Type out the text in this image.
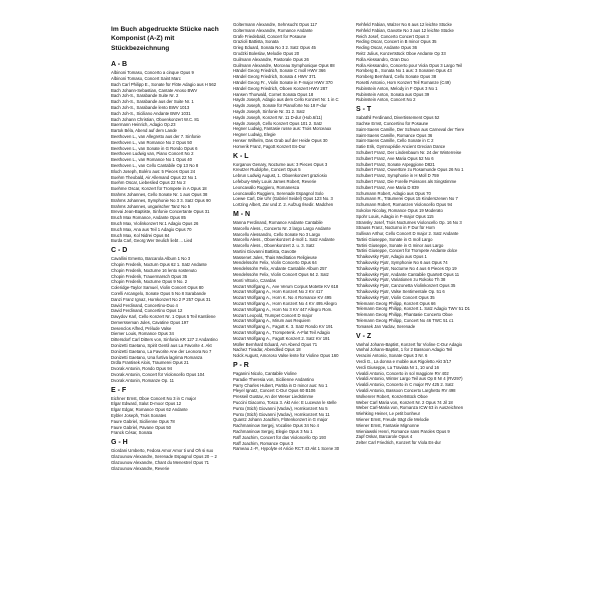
Im Buch abgedruckte Stücke nach
Komponist (A-Z) mit
Stückbezeichnung
A - B
Albinoni Tomaso, Concerto a cinque Opus 9
Albinoni Tomaso, Concert Saint Marc
Bach Carl Philipp E., Sonate für Flöte Adagio aus H 562
Bach Johann-Sebastian, Cantate Anoso BWV
Bach Joh-S., Sarabande Suite Nr. 2
Bach Joh-S., Sarabande aus der Suite Nr. 1
Bach Joh-S., Sarabande lento BWV 1013
Bach Joh-S., Siciliano Andante BWV 1031
Bach Johann Christian, Oboenkonzert W.C. 81
Baermann Heinrich, Adagio Op.23
Bartok Béla, Abend auf dem Lande
Beethoven L., van Allegretto aus der 7. Sinfonie
Beethoven L., van Romance No 2 Opus 50
Beethoven L., van Sonate in G Rondo Opus 6
Beethoven Ludwig van, Piano Concert No 2
Beethoven L., van Romance No 1 Opus 40
Beethoven L., van Cello Cantabile Op 13 No 8
Bloch Joseph, Boléro aus: 5 Pieces Opus 24
Boehm Theobald, Air Allemand Opus 22 No 1
Boehm Oscar, Liebeslied Opus 22 No 2
Boehme Oscar, Konzert für Trompete in A Opus 18
Brahms Johannes, Cello Sonate Nr. 1 aus Opus 38
Brahms Johannes, Symphonie No 3 3. Satz Opus 90
Brahms Johannes, ungarischer Tanz No 5
Brevai Jean-Baptiste, Sinfonie Concertante Opus 31
Bruch Max Romance, Andante Opus 85
Bruch Max, Violinkonzert Nr.1 Adagio Opus 26
Bruch Max, Ana aus Teil 1 Adagio Opus 70
Bruch Max, Kol Nidrei Opus 84
Burda Carl, Georg Wer treulich liebt ... Lied
C - D
Cavallini Ernesto, Barcarola Album 1 No 3
Chopin Frederik, Nocturn Opus 62 1. Satz Andante
Chopin Frederik, Nocturne 16 lento sostenuto
Chopin Frederik, Trauermarsch Opus 35
Chopin Frederik, Nocturne Opus 9 No. 2
Coleridge-Taylor Samuel, Violin Concert Opus 80
Corelli Arcangelo, Sonate Opus 5 No 8 Sarabande
Danzi Franz Ignaz, Hornkonzert No 2 P 257 Opus 31
David Ferdinand, Concertino-Duo 4
David Ferdinand, Concertino Opus 12
Davydov Karl, Cello Konzert Nr. 1 Opus 5 Teil Kantilene
Demersseman Jules, Cavatine Opus 197
Desenclos Alfred, Prélude Valse
Diemer Louis, Romance Opus 34
Dittersdorf Carl Ditters von, Sinfonia KR 127 2 Andantino
Donizetti Gaetano, Spirit Gentil aus La Favorite 4. Akt
Donizetti Gaetano, La Favorite Ane der Leonora No 7
Donizetti Gaetano, Una furtiva lagrima Romanza
Drdla Frantisek Alois, Traumerei Opus 21
Dvorak Antonin, Rondo Opus 94
Dvorak Antonin, Concert für Violoncello Opus 104
Dvorak Antonin, Romanze Op. 11
E - F
Eichner Ernst, Oboe Concert No 3 in C major
Elgar Edward, Salut D-moor Opus 12
Elgar Edgar, Romance Opus 62 Andante
Eybler Joseph, Trois Sonates
Faure Gabriel, Sicilienne Opus 78
Faure Gabriel, Pavane Opus 50
Franck César, Sonata
G - H
Giordani Umberto, Fedora Amor Amor ti und Oh si suo
Glazounow Alexandre, Serenade Espagnol Opus 20 -- 2
Glazounow Alexandre, Chant du Menestrel Opus 71
Glazounow Alexandre, Reverie
Goltermann Alexandre, Sehnsucht Opus 117
Goltermann Alexandre, Romance Andante
Grafe Friedebald, Concert for Posaune
Grazioli Battista, Sonata
Grieg Eduard, Sonata No 3 2. Satz Opus 45
Grodzki Boleslav, Melodie Opus 20
Guilmann Alexandre, Pastorale Opus 26
Guilmann Alexandre, Morceau Symphonique Opus 88
Händel Georg Friedrich, Sonate C moll HWV 366
Händel Georg Friedrich, Sonata 4 HWV 371
Händel Georg Fr., Violin Sonate in F-major HWV 370
Händel Georg Friedrich, Oboen Konzert HWV 287
Hansen Thorwald, Cornet Sonata Opus 18
Haydn Joseph, Adagio aus dem Cello Konzert Nr. 1 in C
Haydn Joseph, Sonate für Pianoforte No 18 F-dur
Haydn Joseph, Sinfonie Nr. 31 2. Satz
Haydn Joseph, Konzert Nr. 11 D-dur (Hob.6/11)
Haydn Joseph, Cello Konzert Opus 101 2. Satz
Hegner Ludwig, Fantasie russe aus: Trois Morceaux
Hegner Ludwig, Elegie
Henser Wilhelm, Das Grab auf der Heide Opus 30
Homerik Franz, Fagott Konzert Es-Dur
K - L
Korganov Genary, Nocturne aus: 3 Pieces Opus 3
Kreutzer Rudolphe, Concert Opus 5
Lebrun Ludwig August, 1. Oboenkonzert graziosio
Lefebury-Wely Louis James Robert, Reverie
Leoncavallo Ruggiero, Romanesca
Leoncavallo Ruggiero, Serenade Espagnol Solo
Loewe Carl, Die Uhr (Gabriel Seidel) Opus 123 No. 3
Lortzing Albert, Zar und Z. 2. Aufzug Ilsedir. Madchen
M - N
Manna Ferdinand, Romance Andante Cantabile
Marcello Aless., Concerto Nr. 2 largo Largo Andante
Marcello Alessandro, Cello Sonate No 3 Largo
Marcello Aless., Oboenkonzert d-moll 1. Satz Andante
Marcello Aless., Oboenkonzert 2. u. 3. Satz
Martini Giovanni Battista, Gavotte
Massenet Jules, Thais Meditation Religieuse
Mendelssohn Felix, Violin Concerto Opus 64
Mendelssohn Felix, Andante Cantabile Album 257
Mendelssohn Felix, Violin Concert Opus 64 2. Satz
Monti Vittorio, Czardas
Mozart Wolfgang A., Ave Verum Corpus Motette KV 618
Mozart Wolfgang A., Horn Konzert No 2 KV 417
Mozart Wolfgang A., Horn K. No 4 Romance KV 495
Mozart Wolfgang A., Horn Konzert No 4 KV 495 Allegro
Mozart Wolfgang A., Horn No 3 KV 447 Allegro Rom.
Mozart Leopold, Trumpet Concert D major
Mozart Wolfgang A., Mirum aus Requiem
Mozart Wolfgang A., Fagott K. 3. Satz Rondo KV 191
Mozart Wolfgang A., Trompetenk. A-Flat Teil Adagio
Mozart Wolfgang A., Fagott Konzert 2. Satz KV 191
Müller Bernhard Eduard, Am Abend Opus 71
Nachez Tivadar, Abendlied Opus 18
Nolck August, Amoroso Valse lente für Violine Opus 160
P - R
Paganini Nicolo, Cantabile Violine
Paradie Theresia von, Sicilienne Andantino
Parry Charles Hubert, Partita in D minor aus: No 1
Pleyel Ignatz, Concert C-Dur Opus 60 B106
Presseil Gustav, An der Weser Liedstimme
Puccini Giacomo, Tosca 3. Akt Arie: E Lucevan le stelle
Punto (Stich) Giovanni (Vaclav), Hornkonzert No 5
Punto (Stich) Giovanni (Vaclav), Hornkonzert No 11
Quantz Johann Joachim, Flötenkonzert in G major
Rachmaninow Sergej, Vocalise Opus 34 No 4
Rachmaninow Sergej, Elegie Opus 3 No 1
Raff Joachim, Concert für das Violoncello Op 193
Raff Joachim, Romance Opus 3
Rameau J.-P., Hypolyte et Aricie RCT 43 Akt 1 Scene 30
Rehfeld Fabian, Walzer No 6 aus 12 leichte Stücke
Rehfeld Fabian, Gavotte No 3 aus 12 leichte Stücke
Reich Josef, Concerto Concert Opus 3
Reding Oscar, Concert in B minor Opus 35
Reding Oscar, Andante Opus 36
Reitz Julius, Konzertstück Oboe Andante Op 33
Rolla Alessandro, Gran Duo
Rolla Alessandro, Concerto pour Viola Opus 3 Largo Teil
Romberg B., Sonata No 1 aus: 3 Sonaten Opus 43
Romberg Bernhard, Cello Sonate Opus 38
Rosetti Antonio, Horn Konzert Teil Romanze (C49)
Rubinstein Anton, Melody in F Opus 3 No 1
Rubinstein Anton, Sonata aus Opus 39
Rubinstein Anton, Concert No 2
S - T
Sabathil Ferdinand, Divertissement Opus 52
Sachse Ernst, Concertino für Posaune
Saint-Saens Camille, Der Schwan aus Carneval der Tiere
Saint-Saens Camille, Romance Opus 36
Saint-Saens Camille, Cello Sonate in C 2
Satie Erik, Gymnopédie Ancient Grecian Dance
Schubert Franz, Der Lindenbaum Nr. 24 der Winterreise
Schubert Franz, Ave Maria Opus 52 No 6
Schubert Franz, Sonate Arpeggione D821
Schubert Franz, Ouvertüre zu Rosamunde Opus 26 No 1
Schubert Franz, Symphonie in H Moll D 759
Schubert Franz, Die Forelle Poissons als Singstimme
Schubert Franz, Ave Maria D 839
Schumann Robert, Adagio aus Opus 70
Schumann R., Träumerei Opus 15 Kinderszenen No 7
Schumann Robert, Romanzen Violoncello Opus 94
Sokolov Nicolay, Romance Opus 19 Moderato
Spohr Louis, Adagio in F-major Opus 115
Stransky Josef, Trois Nocturnes Violoncello Op. 16 No 3
Strauss Franz, Nocturno in F Dur für Horn
Sullivan Arthur, Cello Concert D major 2. Satz Andante
Tartini Giuseppe, Sonate in G moll Largo
Tartini Giuseppe, Sonate in G minor aus Largo
Tartini Giuseppe, Concert für Trompete Andante dolce
Tchaikovsky Pjotr, Adagio aus Opus 1
Tchaikovsky Pjotr, Symphonie No 6 aus Opus 74
Tchaikovsky Pjotr, Nocturne No 4 aus 6 Pieces Op 19
Tchaikovsky Pjotr, Andante Cantabile Quartett Opus 11
Tchaikovsky Pjotr, Variationen zu Rokoko Th 38
Tchaikovsky Pjotr, Canzonetta Violinkonzert Opus 35
Tchaikovsky Pjotr, Valse Sentimentale Op. 51 6
Tchaikovsky Pjotr, Violin Concert Opus 35
Telemann Georg Philipp, Konzert Opus 66
Telemann Georg Philipp, Konzert 1. Satz Adagio TWV 51 D1
Telemann Georg Philipp, Phantasie Concerto Oboe
Telemann Georg Philipp, Concert No 46 TWC 51 c1
Tomasek Jan Vaclav, Serenade
V - Z
Vanhal Johann-Baptist, Konzert für Violine C-Dur Adagio
Vanhal Johann-Baptist, 1 for 2 Bassoon Adagio Teil
Veracini Antonio, Sonate Opus 3 Nr. 6
Verdi G., La donna e mobile aus Rigoletto Akt 3/17
Verdi Giuseppe, La Traviata Nr 1, 10 und 16
Vivaldi Antonio, Concerto in sol maggiore RV 402
Vivaldi Antonio, Winter Largo Teil aus Op 8 Nr 4 (RV297)
Vivaldi Antonio, Concerto in C major RV 425 2. Satz
Vivaldi Antonio, Bassoon Concerto Larghetto RV 498
Wolkenrer Robert, Konzertstück Oboe
Weber Carl Maria von, Konzert Nr. 2 Opus 74 Jil 18
Weber Carl-Maria von, Romanza ICW 63 in Auszeichnen
Wiehking Heiner, Le petit bonheur
Wiener Ernst, Freude trägt die Melodie
Wiener Ernst, Fantasie Mignonne
Wieniawski Henri, Romance sans Paroles Opus 9
Zapf Oskar, Barcarole Opus 4
Zelter Carl Friedrich, Konzert für Viola Es-dur
